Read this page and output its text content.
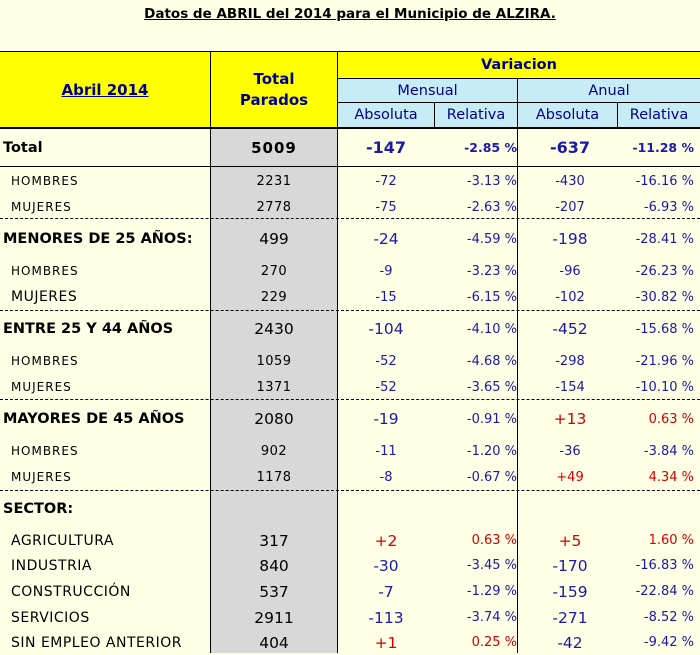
Datos de ABRIL del 2014 para el Municipio de ALZIRA.
Abril 2014
Total
Parados
Variacion
Mensual	Anual
Absoluta	Relativa	Absoluta	Relativa
Total	5009	-147	-2.85 %	-637	-11.28 %
HOMBRES	2231	-72	-3.13 %	-430	-16.16 %
MUJERES	2778	-75	-2.63 %	-207	-6.93 %
MENORES DE 25 AÑOS:	499	-24	-4.59 %	-198	-28.41 %
HOMBRES	270	-9	-3.23 %	-96	-26.23 %
MUJERES	229	-15	-6.15 %	-102	-30.82 %
ENTRE 25 Y 44 AÑOS	2430	-104	-4.10 %	-452	-15.68 %
HOMBRES	1059	-52	-4.68 %	-298	-21.96 %
MUJERES	1371	-52	-3.65 %	-154	-10.10 %
MAYORES DE 45 AÑOS	2080	-19	-0.91 %	+13	0.63 %
HOMBRES	902	-11	-1.20 %	-36	-3.84 %
MUJERES	1178	-8	-0.67 %	+49	4.34 %
SECTOR:
AGRICULTURA	317	+2	0.63 %	+5	1.60 %
INDUSTRIA	840	-30	-3.45 %	-170	-16.83 %
CONSTRUCCIÓN	537	-7	-1.29 %	-159	-22.84 %
SERVICIOS	2911	-113	-3.74 %	-271	-8.52 %
SIN EMPLEO ANTERIOR	404	+1	0.25 %	-42	-9.42 %
